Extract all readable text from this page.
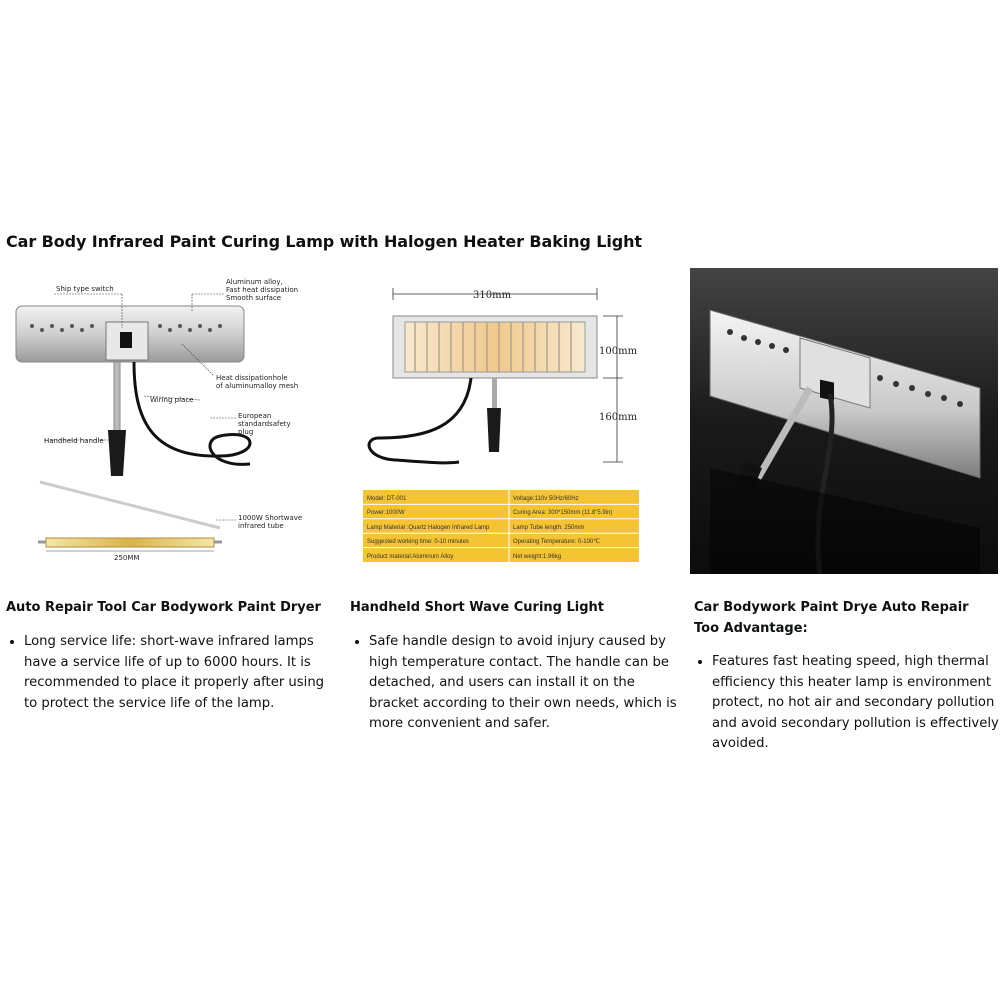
Car Body Infrared Paint Curing Lamp with Halogen Heater Baking Light
Ship type switch
Aluminum alloy,
Fast heat dissipation
Smooth surface
Heat dissipationhole
of aluminumalloy mesh
Wiring place
European
standardsafety
plug
Handheld handle
1000W Shortwave
infrared tube
250MM
310mm
100mm
160mm
Model: DT-001	Voltage:110v 50Hz/60Hz
Power:1000W	Curing Area: 300*150mm (11.8"5.9in)
Lamp Material :Quartz Halogen Infrared Lamp	Lamp Tube length: 250mm
Suggested working time: 0-10 minutes	Operating Temperature: 0-100℃
Product material:Aluminum Alloy	Net weight:1.96kg
Auto Repair Tool Car Bodywork Paint Dryer
• Long service life: short-wave infrared lamps have a service life of up to 6000 hours. It is recommended to place it properly after using to protect the service life of the lamp.
Handheld Short Wave Curing Light
• Safe handle design to avoid injury caused by high temperature contact. The handle can be detached, and users can install it on the bracket according to their own needs, which is more convenient and safer.
Car Bodywork Paint Drye Auto Repair Too Advantage:
• Features fast heating speed, high thermal efficiency this heater lamp is environment protect, no hot air and secondary pollution and avoid secondary pollution is effectively avoided.
